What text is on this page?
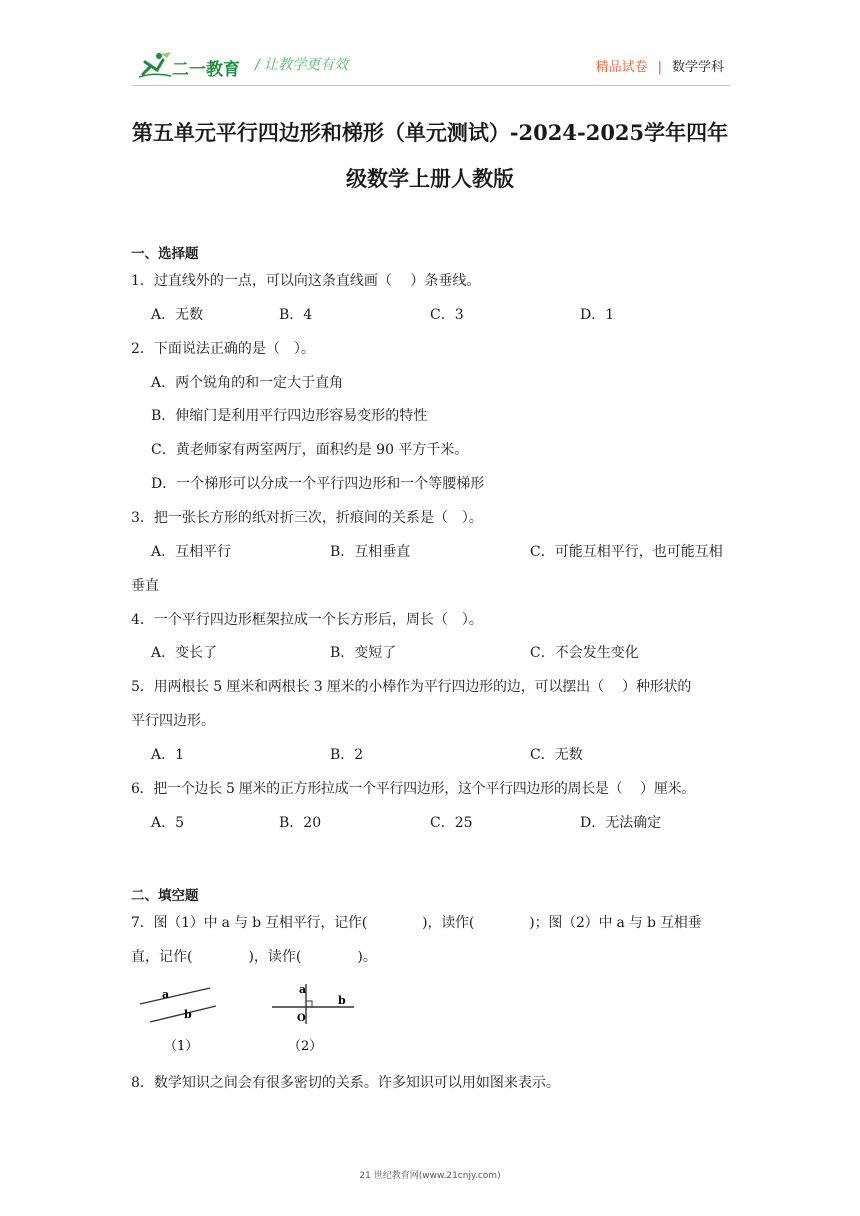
二一教育 / 让教学更有效	精品试卷 | 数学学科
第五单元平行四边形和梯形（单元测试）-2024-2025学年四年
级数学上册人教版
一、选择题
1．过直线外的一点，可以向这条直线画（　 ）条垂线。
A．无数	B．4	C．3	D．1
2．下面说法正确的是（　）。
A．两个锐角的和一定大于直角
B．伸缩门是利用平行四边形容易变形的特性
C．黄老师家有两室两厅，面积约是 90 平方千米。
D．一个梯形可以分成一个平行四边形和一个等腰梯形
3．把一张长方形的纸对折三次，折痕间的关系是（　）。
A．互相平行	B．互相垂直	C．可能互相平行，也可能互相
垂直
4．一个平行四边形框架拉成一个长方形后，周长（　）。
A．变长了	B．变短了	C．不会发生变化
5．用两根长 5 厘米和两根长 3 厘米的小棒作为平行四边形的边，可以摆出（　 ）种形状的
平行四边形。
A．1	B．2	C．无数
6．把一个边长 5 厘米的正方形拉成一个平行四边形，这个平行四边形的周长是（　 ）厘米。
A．5	B．20	C．25	D．无法确定
二、填空题
7．图（1）中 a 与 b 互相平行，记作(　　　　)，读作(　　　　)；图（2）中 a 与 b 互相垂
直，记作(　　　　)，读作(　　　　)。
a
b
（1）
a
b
O
（2）
8．数学知识之间会有很多密切的关系。许多知识可以用如图来表示。
21 世纪教育网(www.21cnjy.com)
